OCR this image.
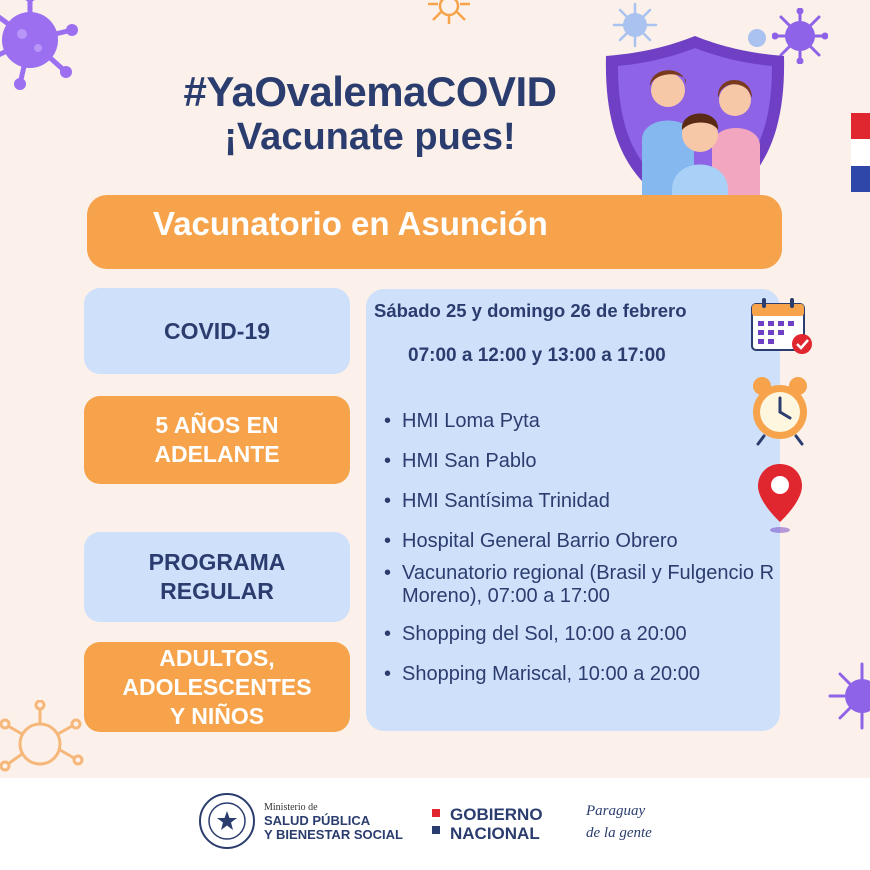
#YaOvalemaCOVID
¡Vacunate pues!
Vacunatorio en Asunción
COVID-19
5 AÑOS EN
ADELANTE
PROGRAMA
REGULAR
ADULTOS,
ADOLESCENTES
Y NIÑOS
Sábado 25 y domingo 26 de febrero
07:00 a 12:00 y 13:00 a 17:00
• HMI Loma Pyta
• HMI San Pablo
• HMI Santísima Trinidad
• Hospital General Barrio Obrero
• Vacunatorio regional (Brasil y Fulgencio R Moreno), 07:00 a 17:00
• Shopping del Sol, 10:00 a 20:00
• Shopping Mariscal, 10:00 a 20:00
Ministerio de
SALUD PÚBLICA
Y BIENESTAR SOCIAL
GOBIERNO
NACIONAL
Paraguay
de la gente
